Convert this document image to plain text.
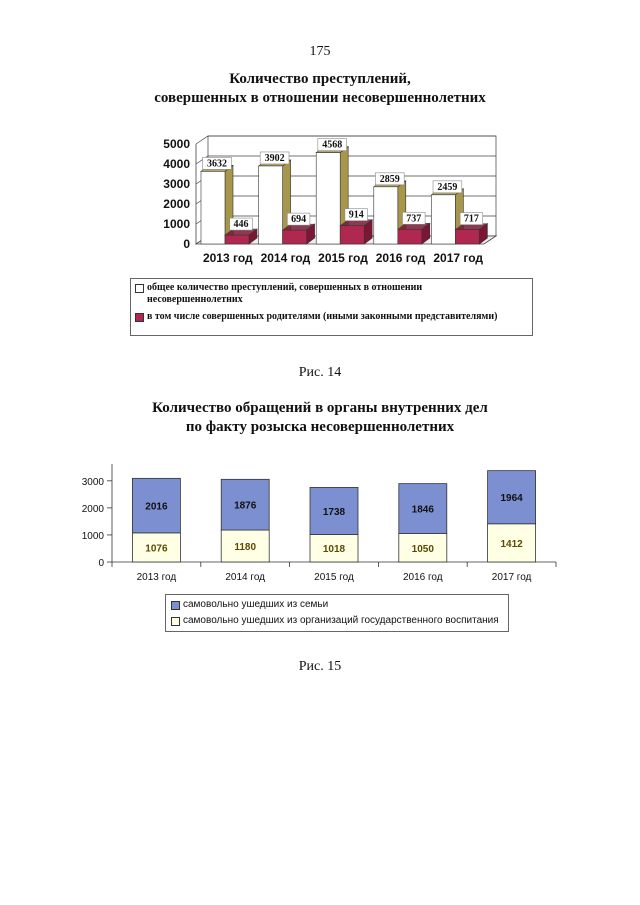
175
Количество преступлений,
совершенных в отношении несовершеннолетних
0
1000
2000
3000
4000
5000
3632
446
2013 год
3902
694
2014 год
4568
914
2015 год
2859
737
2016 год
2459
717
2017 год
общее количество преступлений, совершенных в отношении несовершеннолетних
в том числе совершенных родителями (иными законными представителями)
Рис. 14
Количество обращений в органы внутренних дел
по факту розыска несовершеннолетних
0
1000
2000
3000
1076
2016
2013 год
1180
1876
2014 год
1018
1738
2015 год
1050
1846
2016 год
1412
1964
2017 год
самовольно ушедших из семьи
самовольно ушедших из организаций государственного воспитания
Рис. 15
